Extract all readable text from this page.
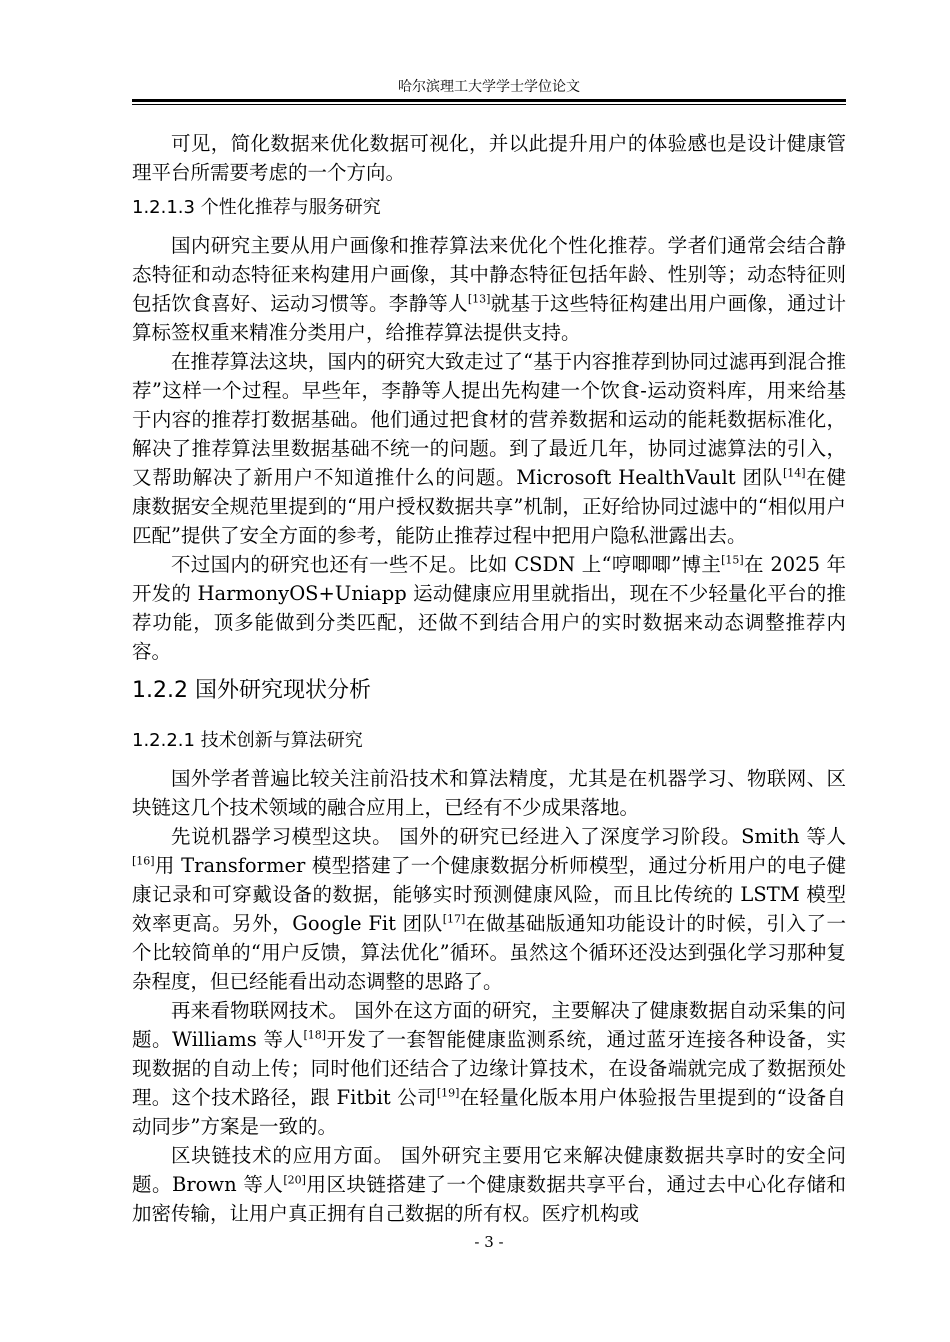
哈尔滨理工大学学士学位论文

可见，简化数据来优化数据可视化，并以此提升用户的体验感也是设计健康管理平台所需要考虑的一个方向。

1.2.1.3 个性化推荐与服务研究

国内研究主要从用户画像和推荐算法来优化个性化推荐。学者们通常会结合静态特征和动态特征来构建用户画像，其中静态特征包括年龄、性别等；动态特征则包括饮食喜好、运动习惯等。李静等人[13]就基于这些特征构建出用户画像，通过计算标签权重来精准分类用户，给推荐算法提供支持。

在推荐算法这块，国内的研究大致走过了“基于内容推荐到协同过滤再到混合推荐”这样一个过程。早些年，李静等人提出先构建一个饮食-运动资料库，用来给基于内容的推荐打数据基础。他们通过把食材的营养数据和运动的能耗数据标准化，解决了推荐算法里数据基础不统一的问题。到了最近几年，协同过滤算法的引入，又帮助解决了新用户不知道推什么的问题。Microsoft HealthVault 团队[14]在健康数据安全规范里提到的“用户授权数据共享”机制，正好给协同过滤中的“相似用户匹配”提供了安全方面的参考，能防止推荐过程中把用户隐私泄露出去。

不过国内的研究也还有一些不足。比如 CSDN 上“哼唧唧”博主[15]在 2025 年开发的 HarmonyOS+Uniapp 运动健康应用里就指出，现在不少轻量化平台的推荐功能，顶多能做到分类匹配，还做不到结合用户的实时数据来动态调整推荐内容。

1.2.2 国外研究现状分析
1.2.2.1 技术创新与算法研究

国外学者普遍比较关注前沿技术和算法精度，尤其是在机器学习、物联网、区块链这几个技术领域的融合应用上，已经有不少成果落地。

先说机器学习模型这块。 国外的研究已经进入了深度学习阶段。Smith 等人[16]用 Transformer 模型搭建了一个健康数据分析师模型，通过分析用户的电子健康记录和可穿戴设备的数据，能够实时预测健康风险，而且比传统的 LSTM 模型效率更高。另外，Google Fit 团队[17]在做基础版通知功能设计的时候，引入了一个比较简单的“用户反馈，算法优化”循环。虽然这个循环还没达到强化学习那种复杂程度，但已经能看出动态调整的思路了。

再来看物联网技术。 国外在这方面的研究，主要解决了健康数据自动采集的问题。Williams 等人[18]开发了一套智能健康监测系统，通过蓝牙连接各种设备，实现数据的自动上传；同时他们还结合了边缘计算技术，在设备端就完成了数据预处理。这个技术路径，跟 Fitbit 公司[19]在轻量化版本用户体验报告里提到的“设备自动同步”方案是一致的。

区块链技术的应用方面。 国外研究主要用它来解决健康数据共享时的安全问题。Brown 等人[20]用区块链搭建了一个健康数据共享平台，通过去中心化存储和加密传输，让用户真正拥有自己数据的所有权。医疗机构或

- 3 -
